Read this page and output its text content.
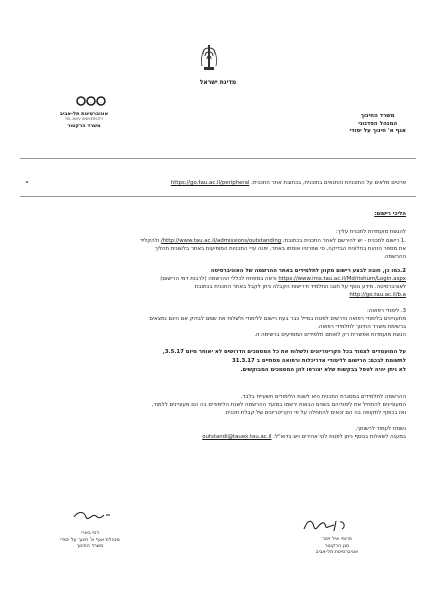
מדינת ישראל
אוניברסיטת תל-אביב
TEL AVIV UNIVERSITY
משרד הרקטור
משרד החינוך
המנהל הפדגוגי
אגף א' חינוך על יסודי
פרטים מלאים על התוכניות והתנאים בתוכנית, בכתובת אתר התכנית: https://go.tau.ac.il/peripheral
הליכי רישום:
להגשת מועמדות לתכנית עליך:
.1 רישום לתכנית - יש להירשם לאתר התכנית בכתובת: http://www.tau.ac.il/admissions/outstanding/ ולהקליד
את מספר הזהות בחלונית הבדיקה, סי שפרטיו אומתו באתר, יפנה עייי התכניות המופיעות באתר בלשונית תהליך
ההרשמה.
2.כמו כן, חובה לבצע רישום מקוון לתלמידים באתר ההרשמה של האוניברסיטה
https://www.ims.tau.ac.il/Md/rishum/Login.aspx וראה במפתח לכללי ההרשמה (לרבות דמי הרישום)
לאוניברסיטה. מידע נוסף על חובו התלמיד ודרישות הקבלה ניתן לקבל באתר התכנית בכתובת
http://go.tau.ac.il/b.a
3. לימודי רפואה:
מתעניינים בלימודי רפואה נדרשים לפנות במייל כבר בעת רישום ללימודי ולשלוח את שמם לבדוק אם הינם נמצאים
ברשימת משרד החינוך לתלמידי רפואה.
הגשת מועמדות אפשרית רק לאותם תלמידים המופיעים ברשימה זו.
על המועמדים לצמוד בכל הקריטריונים ולשלוח את כל המסמכים הדרושים לא יאוחר מיום 3.5.17,
לתשומת לבכם: הרישום ללימודי אדריכלות ורפואה מסתיים ב 31.3.17
לא ניתן יהיה לטפל בבקשות שלא יצורפו להן המסמכים המבוקשים.
ההרשמה לתלמידים במסגרת התכנית היא לשנת הלימודים תשעייח בלבד.
המעוניינים להתחיל את לימודיהם בשנים הבאות ירשמו במועד ההרשמה לשנת הלימודים בה הם מעוניינים ללמוד,
ואז בכפוף לתקופה בה הם זכאים להתחלה על פי הקריטריונים של קבלת תכנית.
נשמח לעמוד לרשותך,
במענה לשאלות בנוסף ניתן לפנות לנוי אהירים ויש בדוא"ל: outstandi@tauex.tau.ac.il
פרופי איל זיסר
סגן הרקטור
אוניברסיטת תל-אביב
דסי בארי
מנהלת אגף א' חינוך על יסודי
משרד החינוך
